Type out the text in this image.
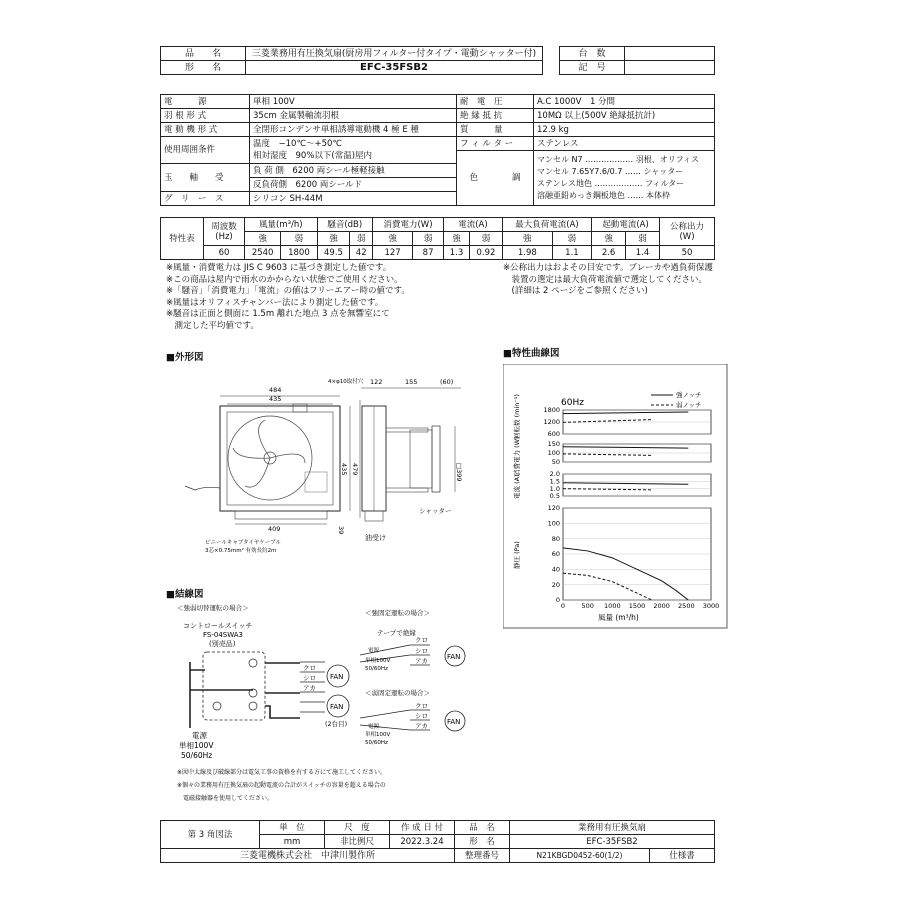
品　　名	三菱業務用有圧換気扇(厨房用フィルター付タイプ・電動シャッター付)		台　数	
形　　名	EFC-35FSB2		記　号	
電　　　源	単相 100V	耐　電　圧	A.C 1000V　1 分間
羽 根 形 式	35cm 金属製軸流羽根	絶 縁 抵 抗	10MΩ 以上(500V 絶縁抵抗計)
電 動 機 形 式	全閉形コンデンサ単相誘導電動機 4 極 E 種	質　　　量	12.9 kg
使用周囲条件	温度　−10℃〜+50℃
相対湿度　90%以下(常温)屋内	フ ィ ル タ ー	ステンレス
		色　　　　調	マンセル N7 ……………… 羽根、オリフィス
マンセル 7.65Y7.6/0.7 …… シャッター
ステンレス地色 ……………… フィルター
溶融亜鉛めっき鋼板地色 …… 本体枠

玉　　軸　　受	負 荷 側　6200 両シール極軽接触		

	反負荷側　6200 両シールド		

グ　リ　ー　ス	シリコン SH-44M		
特性表	周波数 (Hz)	風量(m³/h)		騒音(dB)		消費電力(W)		電流(A)		最大負荷電流(A)		起動電流(A)		公称出力 (W)
		強	弱	強	弱	強	弱	強	弱	強	弱	強	弱	
	60	2540	1800	49.5	42	127	87	1.3	0.92	1.98	1.1	2.6	1.4	50
※風量・消費電力は JIS C 9603 に基づき測定した値です。
※この商品は屋内で雨水のかからない状態でご使用ください。
※「騒音」「消費電力」「電流」の値はフリーエアー時の値です。
※風量はオリフィスチャンバー法により測定した値です。
※騒音は正面と側面に 1.5m 離れた地点 3 点を無響室にて
　測定した平均値です。
※公称出力はおよその目安です。ブレーカや過負荷保護
　装置の選定は最大負荷電流値で選定してください。
　(詳細は 2 ページをご参照ください)
■外形図	■特性曲線図
■結線図
484
435
4×φ10取付穴 122	155	(60)
435 479
409	39
ビニールキャブタイヤケーブル
3芯×0.75mm² 有効長約2m
□399
シャッター
油受け
60Hz
強ノッチ
弱ノッチ
回転数 (min⁻¹)
消費電力 (W)
電流 (A)
静圧 (Pa)
1800
1200
600
150
100
50
2.0
1.5
1.0
0.5
120
100
80
60
40
20
0
0	500 1000 1500 2000 2500 3000
風量 (m³/h)
＜強弱切替運転の場合＞
コントロールスイッチ
FS-04SWA3
(別売品)
クロ
シロ
アカ
FAN
FAN
(2台目)
電源
単相100V
50/60Hz
＜強固定運転の場合＞
テープで絶縁
クロ
シロ
アカ	FAN
電源
単相100V
50/60Hz
＜弱固定運転の場合＞
クロ
シロ
アカ	FAN
電源
単相100V
50/60Hz
※図中太線及び破線部分は電気工事の資格を有する方にて施工してください。
※個々の業務用有圧換気扇の起動電流の合計がスイッチの容量を超える場合の
　電磁接触器を使用してください。
第 3 角図法	単　位	尺　度	作 成 日 付	品　名	業務用有圧換気扇	
	mm	非比例尺	2022.3.24	形　名	EFC-35FSB2	
三菱電機株式会社　中津川製作所				整理番号	N21KBGD0452-60(1/2)	仕様書
